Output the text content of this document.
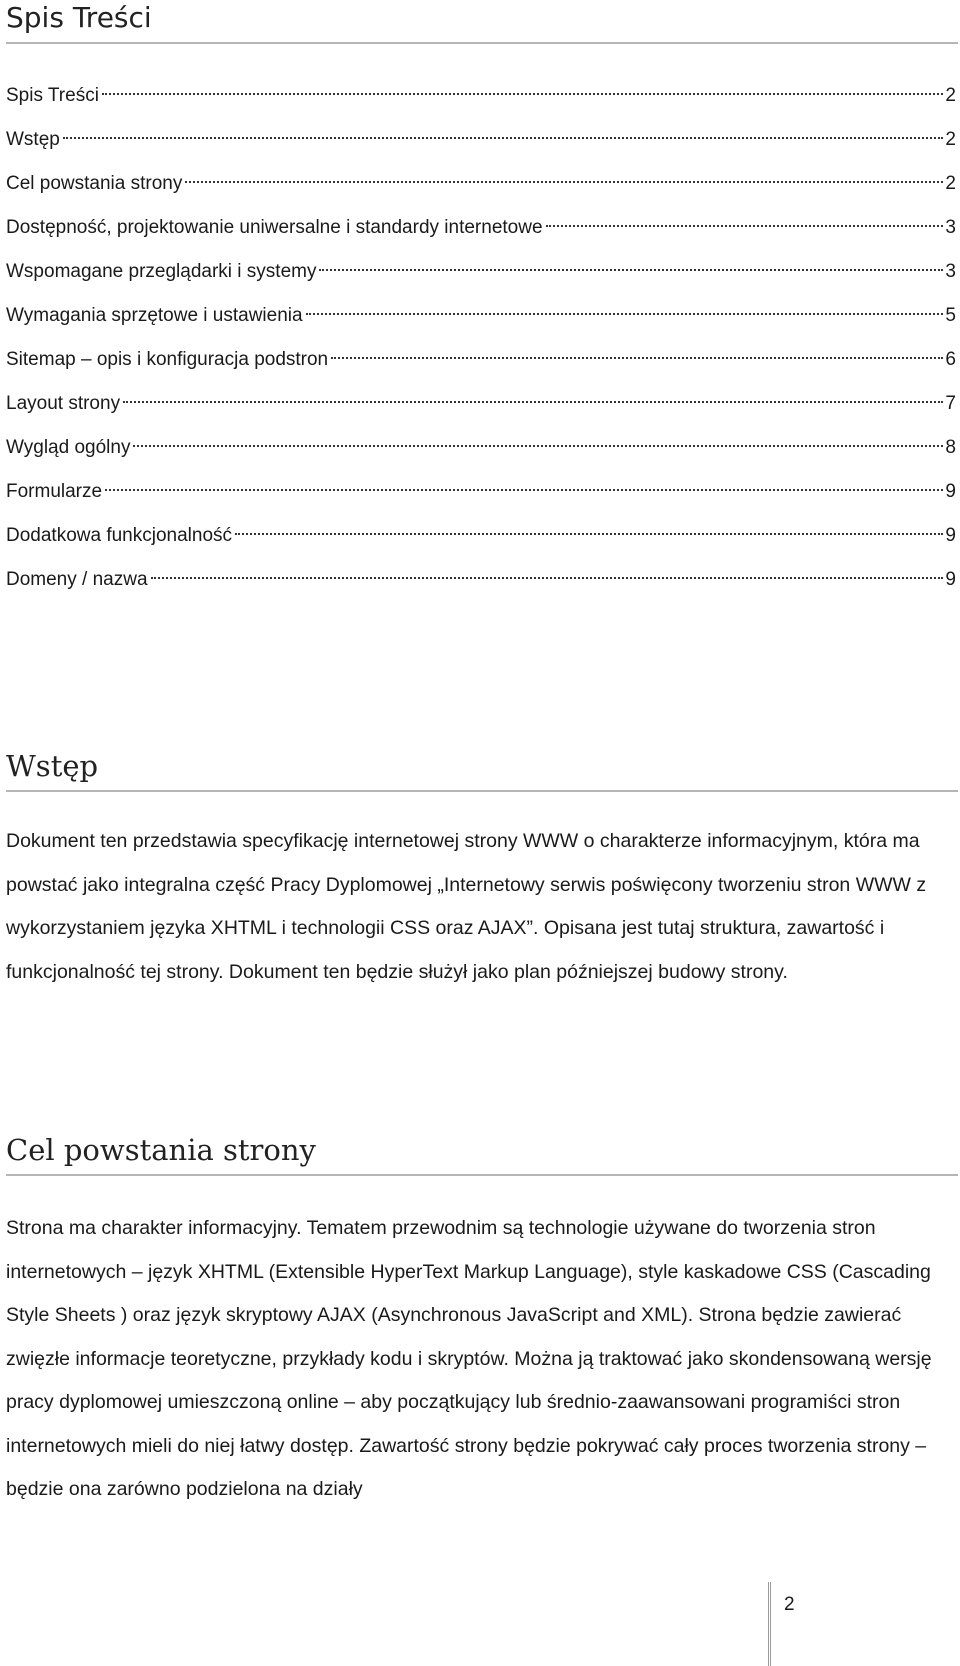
Spis Treści
Spis Treści	2
Wstęp	2
Cel powstania strony	2
Dostępność, projektowanie uniwersalne i standardy internetowe	3
Wspomagane przeglądarki i systemy	3
Wymagania sprzętowe i ustawienia	5
Sitemap – opis i konfiguracja podstron	6
Layout strony	7
Wygląd ogólny	8
Formularze	9
Dodatkowa funkcjonalność	9
Domeny / nazwa	9
Wstęp

Dokument ten przedstawia specyfikację internetowej strony WWW o charakterze informacyjnym, która ma powstać jako integralna część Pracy Dyplomowej „Internetowy serwis poświęcony tworzeniu stron WWW z wykorzystaniem języka XHTML i technologii CSS oraz AJAX”. Opisana jest tutaj struktura, zawartość i funkcjonalność tej strony. Dokument ten będzie służył jako plan późniejszej budowy strony.

Cel powstania strony

Strona ma charakter informacyjny. Tematem przewodnim są technologie używane do tworzenia stron internetowych – język XHTML (Extensible HyperText Markup Language), style kaskadowe CSS (Cascading Style Sheets ) oraz język skryptowy AJAX (Asynchronous JavaScript and XML). Strona będzie zawierać zwięzłe informacje teoretyczne, przykłady kodu i skryptów. Można ją traktować jako skondensowaną wersję pracy dyplomowej umieszczoną online – aby początkujący lub średnio-zaawansowani programiści stron internetowych mieli do niej łatwy dostęp. Zawartość strony będzie pokrywać cały proces tworzenia strony – będzie ona zarówno podzielona na działy

2
